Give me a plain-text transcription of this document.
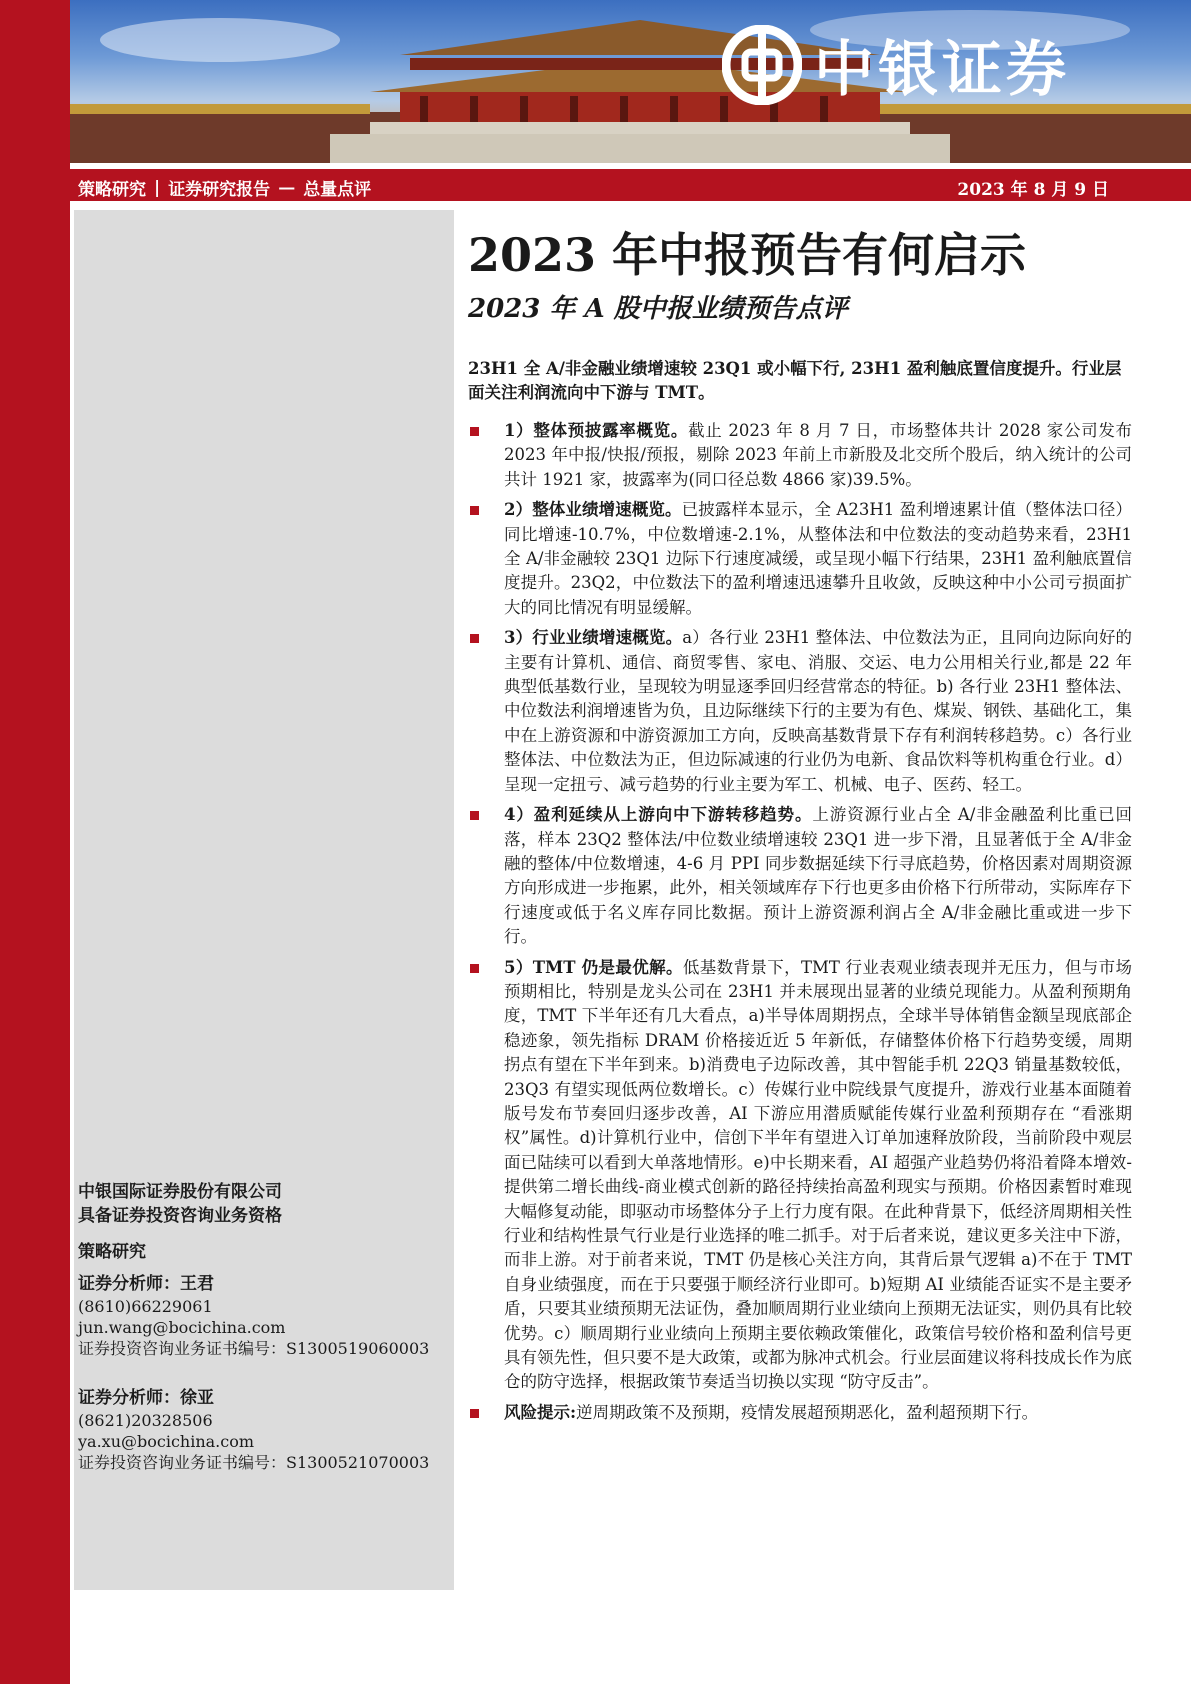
中银证券
策略研究 | 证券研究报告 — 总量点评	2023 年 8 月 9 日
中银国际证券股份有限公司
具备证券投资咨询业务资格
策略研究
证券分析师：王君
(8610)66229061
jun.wang@bocichina.com
证券投资咨询业务证书编号：S1300519060003
证券分析师：徐亚
(8621)20328506
ya.xu@bocichina.com
证券投资咨询业务证书编号：S1300521070003
2023 年中报预告有何启示
2023 年 A 股中报业绩预告点评
23H1 全 A/非金融业绩增速较 23Q1 或小幅下行, 23H1 盈利触底置信度提升。行业层面关注利润流向中下游与 TMT。
1）整体预披露率概览。截止 2023 年 8 月 7 日，市场整体共计 2028 家公司发布 2023 年中报/快报/预报，剔除 2023 年前上市新股及北交所个股后，纳入统计的公司共计 1921 家，披露率为(同口径总数 4866 家)39.5%。
2）整体业绩增速概览。已披露样本显示，全 A23H1 盈利增速累计值（整体法口径）同比增速-10.7%，中位数增速-2.1%，从整体法和中位数法的变动趋势来看，23H1 全 A/非金融较 23Q1 边际下行速度减缓，或呈现小幅下行结果，23H1 盈利触底置信度提升。23Q2，中位数法下的盈利增速迅速攀升且收敛，反映这种中小公司亏损面扩大的同比情况有明显缓解。
3）行业业绩增速概览。a）各行业 23H1 整体法、中位数法为正，且同向边际向好的主要有计算机、通信、商贸零售、家电、消服、交运、电力公用相关行业,都是 22 年典型低基数行业，呈现较为明显逐季回归经营常态的特征。b) 各行业 23H1 整体法、中位数法利润增速皆为负，且边际继续下行的主要为有色、煤炭、钢铁、基础化工，集中在上游资源和中游资源加工方向，反映高基数背景下存有利润转移趋势。c）各行业整体法、中位数法为正，但边际减速的行业仍为电新、食品饮料等机构重仓行业。d）呈现一定扭亏、减亏趋势的行业主要为军工、机械、电子、医药、轻工。
4）盈利延续从上游向中下游转移趋势。上游资源行业占全 A/非金融盈利比重已回落，样本 23Q2 整体法/中位数业绩增速较 23Q1 进一步下滑，且显著低于全 A/非金融的整体/中位数增速，4-6 月 PPI 同步数据延续下行寻底趋势，价格因素对周期资源方向形成进一步拖累，此外，相关领域库存下行也更多由价格下行所带动，实际库存下行速度或低于名义库存同比数据。预计上游资源利润占全 A/非金融比重或进一步下行。
5）TMT 仍是最优解。低基数背景下，TMT 行业表观业绩表现并无压力，但与市场预期相比，特别是龙头公司在 23H1 并未展现出显著的业绩兑现能力。从盈利预期角度，TMT 下半年还有几大看点，a)半导体周期拐点，全球半导体销售金额呈现底部企稳迹象，领先指标 DRAM 价格接近近 5 年新低，存储整体价格下行趋势变缓，周期拐点有望在下半年到来。b)消费电子边际改善，其中智能手机 22Q3 销量基数较低，23Q3 有望实现低两位数增长。c）传媒行业中院线景气度提升，游戏行业基本面随着版号发布节奏回归逐步改善，AI 下游应用潜质赋能传媒行业盈利预期存在 “看涨期权”属性。d)计算机行业中，信创下半年有望进入订单加速释放阶段，当前阶段中观层面已陆续可以看到大单落地情形。e)中长期来看，AI 超强产业趋势仍将沿着降本增效-提供第二增长曲线-商业模式创新的路径持续抬高盈利现实与预期。价格因素暂时难现大幅修复动能，即驱动市场整体分子上行力度有限。在此种背景下，低经济周期相关性行业和结构性景气行业是行业选择的唯二抓手。对于后者来说，建议更多关注中下游，而非上游。对于前者来说，TMT 仍是核心关注方向，其背后景气逻辑 a)不在于 TMT 自身业绩强度，而在于只要强于顺经济行业即可。b)短期 AI 业绩能否证实不是主要矛盾，只要其业绩预期无法证伪，叠加顺周期行业业绩向上预期无法证实，则仍具有比较优势。c）顺周期行业业绩向上预期主要依赖政策催化，政策信号较价格和盈利信号更具有领先性，但只要不是大政策，或都为脉冲式机会。行业层面建议将科技成长作为底仓的防守选择，根据政策节奏适当切换以实现 “防守反击”。
风险提示:逆周期政策不及预期，疫情发展超预期恶化，盈利超预期下行。
